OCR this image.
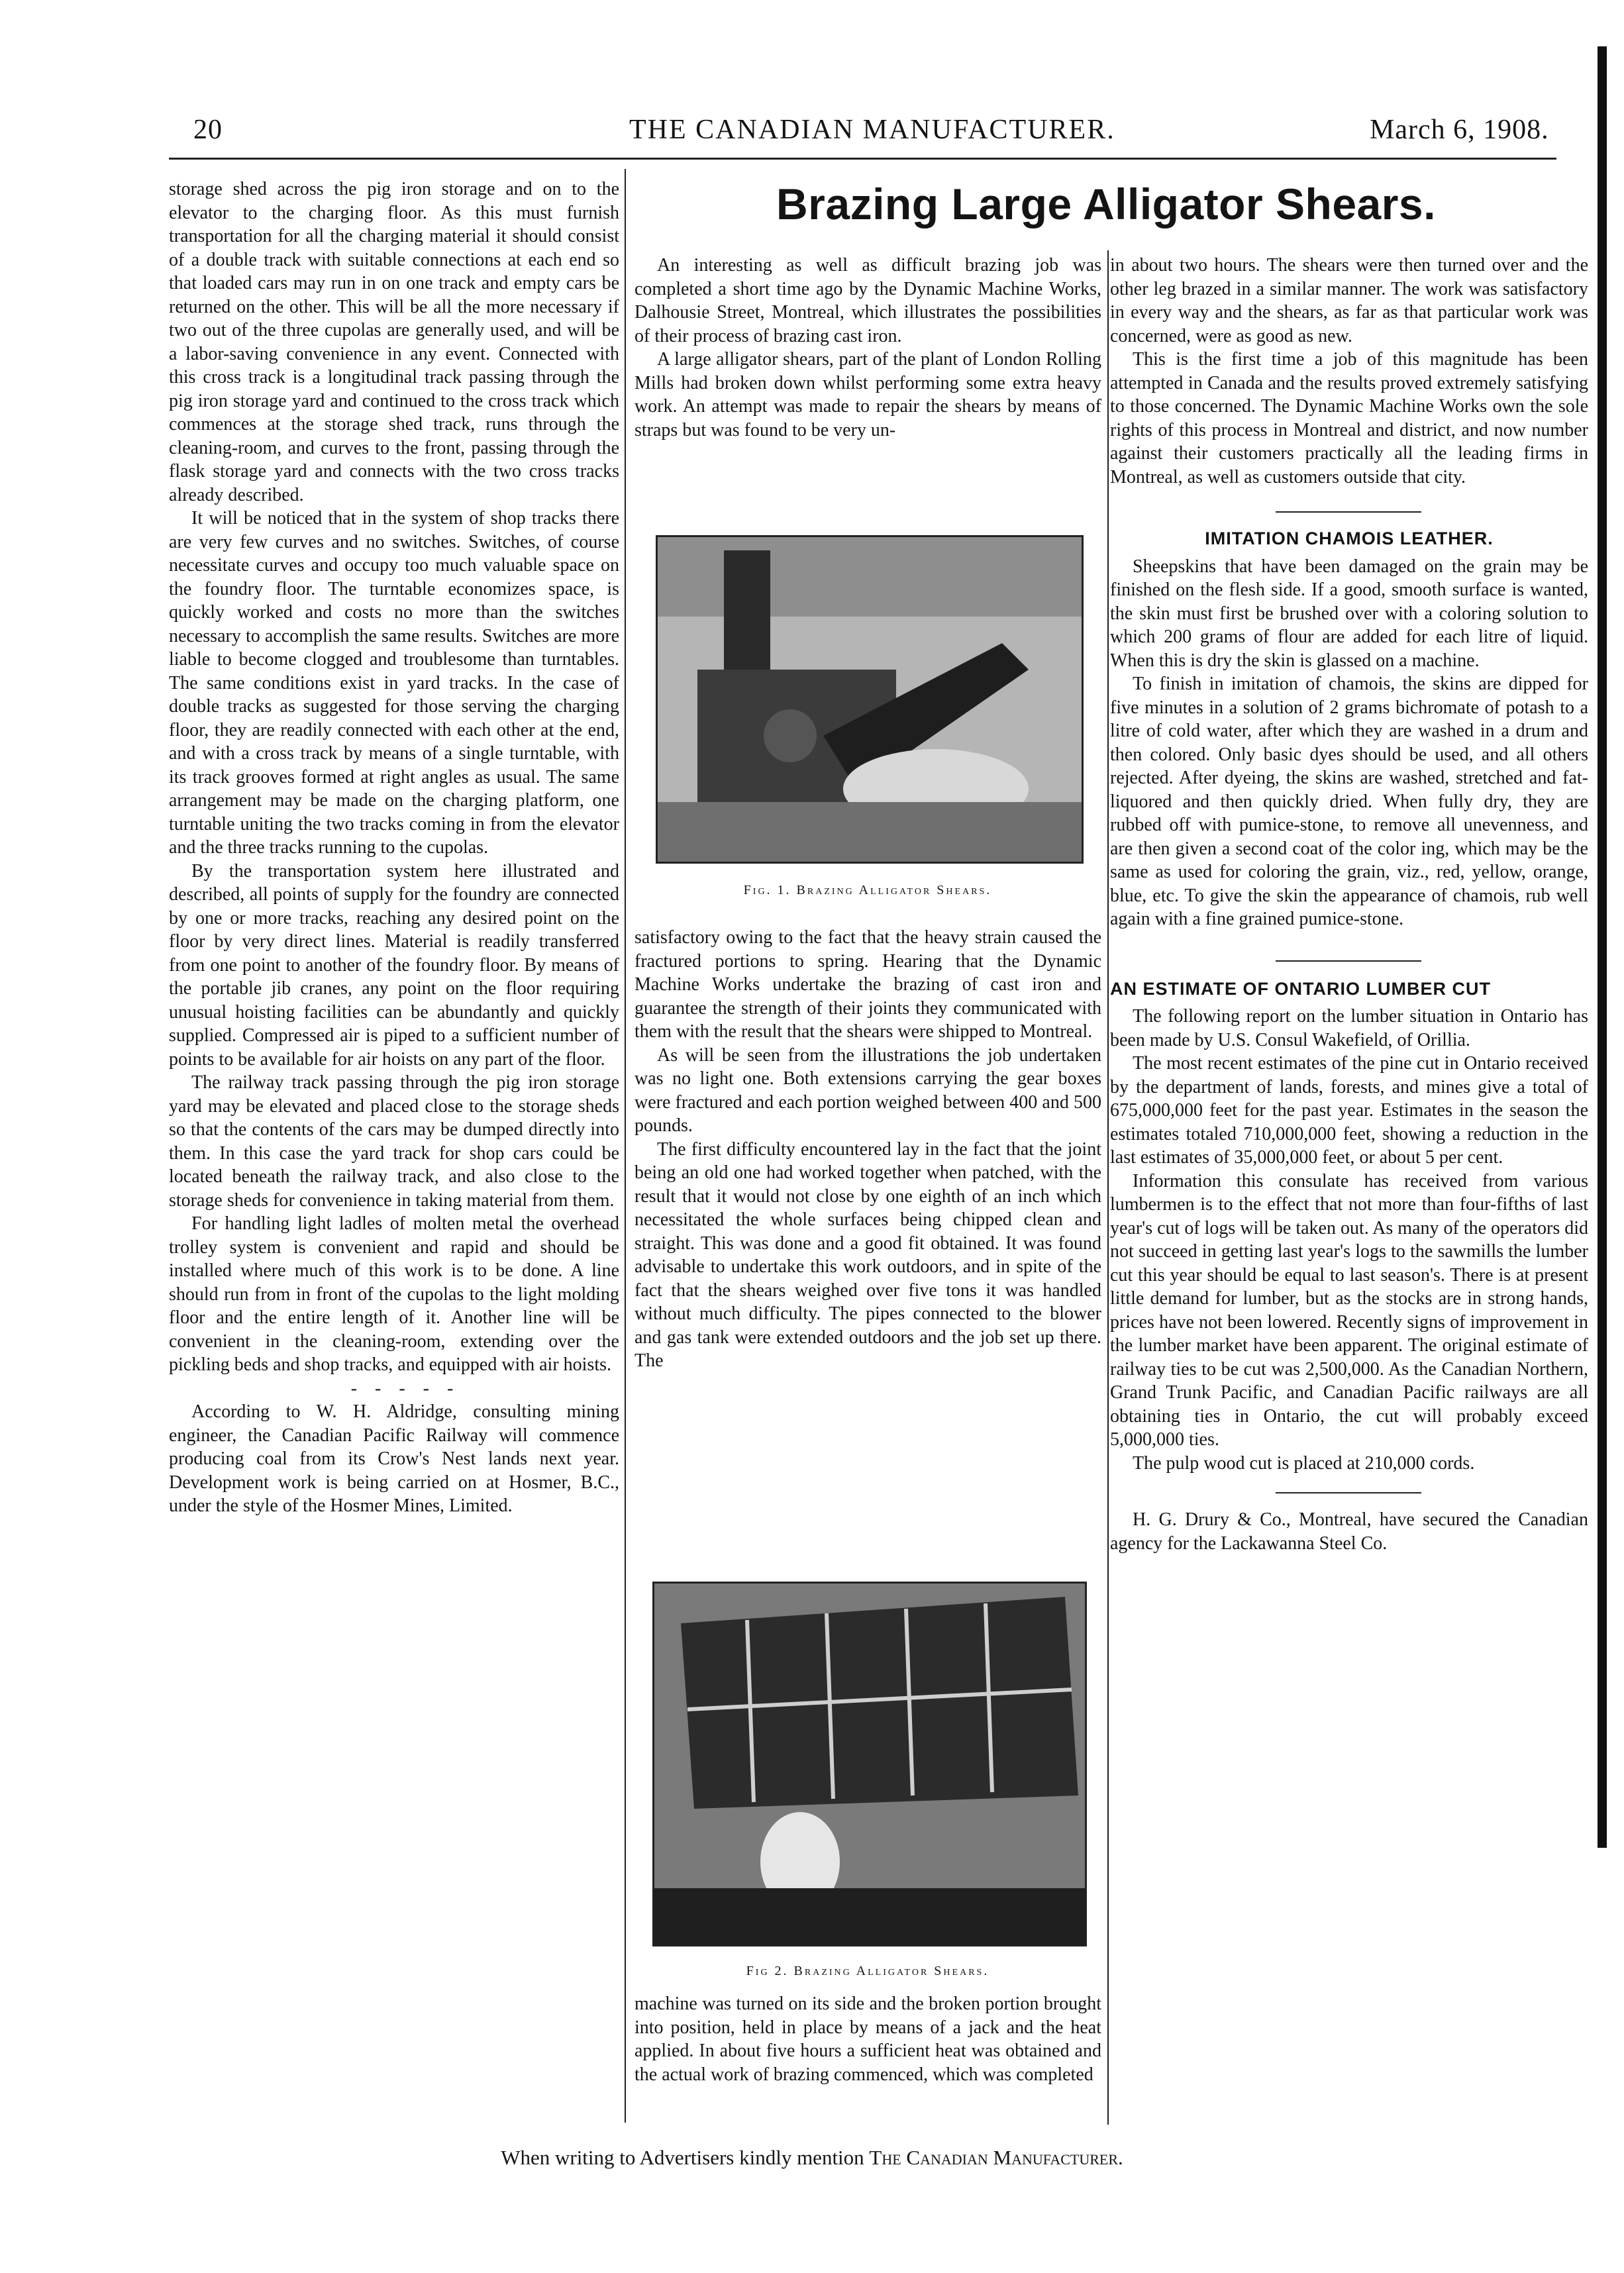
20	THE CANADIAN MANUFACTURER.	March 6, 1908.

storage shed across the pig iron storage and on to the elevator to the charging floor. As this must furnish transportation for all the charging material it should consist of a double track with suitable connections at each end so that loaded cars may run in on one track and empty cars be returned on the other. This will be all the more necessary if two out of the three cupolas are generally used, and will be a labor-saving convenience in any event. Connected with this cross track is a longitudinal track passing through the pig iron storage yard and continued to the cross track which commences at the storage shed track, runs through the cleaning-room, and curves to the front, passing through the flask storage yard and connects with the two cross tracks already described.

It will be noticed that in the system of shop tracks there are very few curves and no switches. Switches, of course necessitate curves and occupy too much valuable space on the foundry floor. The turntable economizes space, is quickly worked and costs no more than the switches necessary to accomplish the same results. Switches are more liable to become clogged and troublesome than turntables. The same conditions exist in yard tracks. In the case of double tracks as suggested for those serving the charging floor, they are readily connected with each other at the end, and with a cross track by means of a single turntable, with its track grooves formed at right angles as usual. The same arrangement may be made on the charging platform, one turntable uniting the two tracks coming in from the elevator and the three tracks running to the cupolas.

By the transportation system here illustrated and described, all points of supply for the foundry are connected by one or more tracks, reaching any desired point on the floor by very direct lines. Material is readily transferred from one point to another of the foundry floor. By means of the portable jib cranes, any point on the floor requiring unusual hoisting facilities can be abundantly and quickly supplied. Compressed air is piped to a sufficient number of points to be available for air hoists on any part of the floor.

The railway track passing through the pig iron storage yard may be elevated and placed close to the storage sheds so that the contents of the cars may be dumped directly into them. In this case the yard track for shop cars could be located beneath the railway track, and also close to the storage sheds for convenience in taking material from them.

For handling light ladles of molten metal the overhead trolley system is convenient and rapid and should be installed where much of this work is to be done. A line should run from in front of the cupolas to the light molding floor and the entire length of it. Another line will be convenient in the cleaning-room, extending over the pickling beds and shop tracks, and equipped with air hoists.

- - - - -

According to W. H. Aldridge, consulting mining engineer, the Canadian Pacific Railway will commence producing coal from its Crow's Nest lands next year. Development work is being carried on at Hosmer, B.C., under the style of the Hosmer Mines, Limited.

Brazing Large Alligator Shears.

An interesting as well as difficult brazing job was completed a short time ago by the Dynamic Machine Works, Dalhousie Street, Montreal, which illustrates the possibilities of their process of brazing cast iron.

A large alligator shears, part of the plant of London Rolling Mills had broken down whilst performing some extra heavy work. An attempt was made to repair the shears by means of straps but was found to be very un-

Fig. 1. Brazing Alligator Shears.

satisfactory owing to the fact that the heavy strain caused the fractured portions to spring. Hearing that the Dynamic Machine Works undertake the brazing of cast iron and guarantee the strength of their joints they communicated with them with the result that the shears were shipped to Montreal.

As will be seen from the illustrations the job undertaken was no light one. Both extensions carrying the gear boxes were fractured and each portion weighed between 400 and 500 pounds.

The first difficulty encountered lay in the fact that the joint being an old one had worked together when patched, with the result that it would not close by one eighth of an inch which necessitated the whole surfaces being chipped clean and straight. This was done and a good fit obtained. It was found advisable to undertake this work outdoors, and in spite of the fact that the shears weighed over five tons it was handled without much difficulty. The pipes connected to the blower and gas tank were extended outdoors and the job set up there. The

Fig 2. Brazing Alligator Shears.

machine was turned on its side and the broken portion brought into position, held in place by means of a jack and the heat applied. In about five hours a sufficient heat was obtained and the actual work of brazing commenced, which was completed

in about two hours. The shears were then turned over and the other leg brazed in a similar manner. The work was satisfactory in every way and the shears, as far as that particular work was concerned, were as good as new.

This is the first time a job of this magnitude has been attempted in Canada and the results proved extremely satisfying to those concerned. The Dynamic Machine Works own the sole rights of this process in Montreal and district, and now number against their customers practically all the leading firms in Montreal, as well as customers outside that city.

IMITATION CHAMOIS LEATHER.

Sheepskins that have been damaged on the grain may be finished on the flesh side. If a good, smooth surface is wanted, the skin must first be brushed over with a coloring solution to which 200 grams of flour are added for each litre of liquid. When this is dry the skin is glassed on a machine.

To finish in imitation of chamois, the skins are dipped for five minutes in a solution of 2 grams bichromate of potash to a litre of cold water, after which they are washed in a drum and then colored. Only basic dyes should be used, and all others rejected. After dyeing, the skins are washed, stretched and fat-liquored and then quickly dried. When fully dry, they are rubbed off with pumice-stone, to remove all unevenness, and are then given a second coat of the color ing, which may be the same as used for coloring the grain, viz., red, yellow, orange, blue, etc. To give the skin the appearance of chamois, rub well again with a fine grained pumice-stone.

AN ESTIMATE OF ONTARIO LUMBER CUT

The following report on the lumber situation in Ontario has been made by U.S. Consul Wakefield, of Orillia.

The most recent estimates of the pine cut in Ontario received by the department of lands, forests, and mines give a total of 675,000,000 feet for the past year. Estimates in the season the estimates totaled 710,000,000 feet, showing a reduction in the last estimates of 35,000,000 feet, or about 5 per cent.

Information this consulate has received from various lumbermen is to the effect that not more than four-fifths of last year's cut of logs will be taken out. As many of the operators did not succeed in getting last year's logs to the sawmills the lumber cut this year should be equal to last season's. There is at present little demand for lumber, but as the stocks are in strong hands, prices have not been lowered. Recently signs of improvement in the lumber market have been apparent. The original estimate of railway ties to be cut was 2,500,000. As the Canadian Northern, Grand Trunk Pacific, and Canadian Pacific railways are all obtaining ties in Ontario, the cut will probably exceed 5,000,000 ties.

The pulp wood cut is placed at 210,000 cords.

H. G. Drury & Co., Montreal, have secured the Canadian agency for the Lackawanna Steel Co.

When writing to Advertisers kindly mention The Canadian Manufacturer.
